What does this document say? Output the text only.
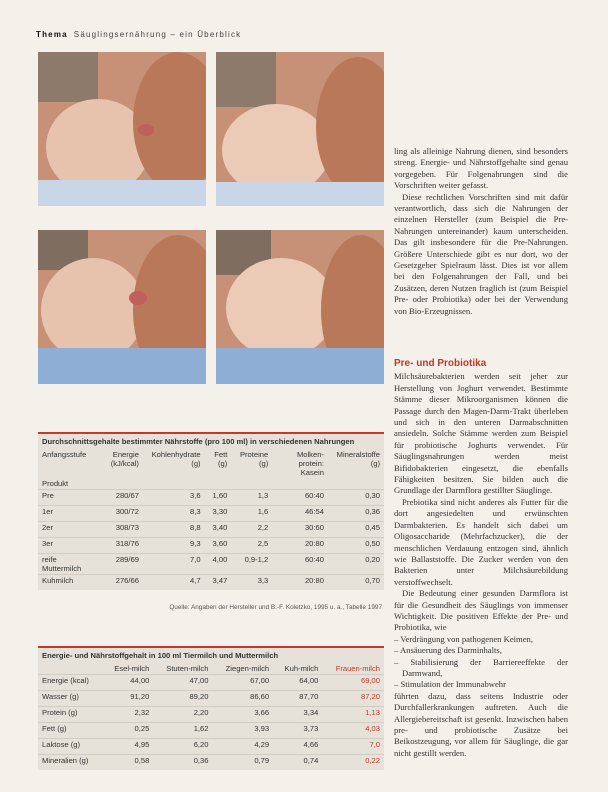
Thema Säuglingsernährung – ein Überblick

ling als alleinige Nahrung dienen, sind besonders streng. Energie- und Nährstoffgehalte sind genau vorgegeben. Für Folgenahrungen sind die Vorschriften weiter gefasst.

Diese rechtlichen Vorschriften sind mit dafür verantwortlich, dass sich die Nahrungen der einzelnen Hersteller (zum Beispiel die Pre-Nahrungen untereinander) kaum unterscheiden. Das gilt insbesondere für die Pre-Nahrungen. Größere Unterschiede gibt es nur dort, wo der Gesetzgeber Spielraum lässt. Dies ist vor allem bei den Folgenahrungen der Fall, und bei Zusätzen, deren Nutzen fraglich ist (zum Beispiel Pre- oder Probiotika) oder bei der Verwendung von Bio-Erzeugnissen.

Pre- und Probiotika

Milchsäurebakterien werden seit jeher zur Herstellung von Joghurt verwendet. Bestimmte Stämme dieser Mikroorganismen können die Passage durch den Magen-Darm-Trakt überleben und sich in den unteren Darmabschnitten ansiedeln. Solche Stämme werden zum Beispiel für probiotische Joghurts verwendet. Für Säuglingsnahrungen werden meist Bifidobakterien eingesetzt, die ebenfalls Fähigkeiten besitzen. Sie bilden auch die Grundlage der Darmflora gestillter Säuglinge.

Prebiotika sind nicht anderes als Futter für die dort angesiedelten und erwünschten Darmbakterien. Es handelt sich dabei um Oligosaccharide (Mehrfachzucker), die der menschlichen Verdauung entzogen sind, ähnlich wie Ballaststoffe. Die Zucker werden von den Bakterien unter Milchsäurebildung verstoffwechselt.

Die Bedeutung einer gesunden Darmflora ist für die Gesundheit des Säuglings von immenser Wichtigkeit. Die positiven Effekte der Pre- und Probiotika, wie

– Verdrängung von pathogenen Keimen,
– Ansäuerung des Darminhalts,
– Stabilisierung der Barriereeffekte der Darmwand,
– Stimulation der Immunabwehr

führten dazu, dass seitens Industrie oder Durchfallerkrankungen auftreten. Auch die Allergiebereitschaft ist gesenkt. Inzwischen haben pre- und probiotische Zusätze bei Beikostzeugung, vor allem für Säuglinge, die gar nicht gestillt werden.

Durchschnittsgehalte bestimmter Nährstoffe (pro 100 ml) in verschiedenen Nahrungen
Anfangsstufe	Energie (kJ/kcal)	Kohlenhydrate (g)	Fett (g)	Proteine (g)	Molken-protein: Kasein	Mineralstoffe (g)
Produkt						
Pre	280/67	3,6	1,60	1,3	60:40	0,30
1er	300/72	8,3	3,30	1,6	46:54	0,36
2er	308/73	8,8	3,40	2,2	30:60	0,45
3er	318/76	9,3	3,60	2,5	20:80	0,50
reife Muttermilch	289/69	7,0	4,00	0,9-1,2	60:40	0,20
Kuhmilch	276/66	4,7	3,47	3,3	20:80	0,70
Quelle: Angaben der Hersteller und B.-F. Koletzko, 1995 u. a., Tabelle 1997
Energie- und Nährstoffgehalt in 100 ml Tiermilch und Muttermilch
	Esel-milch	Stuten-milch	Ziegen-milch	Kuh-milch	Frauen-milch
Energie (kcal)	44,00	47,00	67,00	64,00	69,00
Wasser (g)	91,20	89,20	86,60	87,70	87,20
Protein (g)	2,32	2,20	3,66	3,34	1,13
Fett (g)	0,25	1,62	3,93	3,73	4,03
Laktose (g)	4,95	6,20	4,29	4,66	7,0
Mineralien (g)	0,58	0,36	0,79	0,74	0,22
